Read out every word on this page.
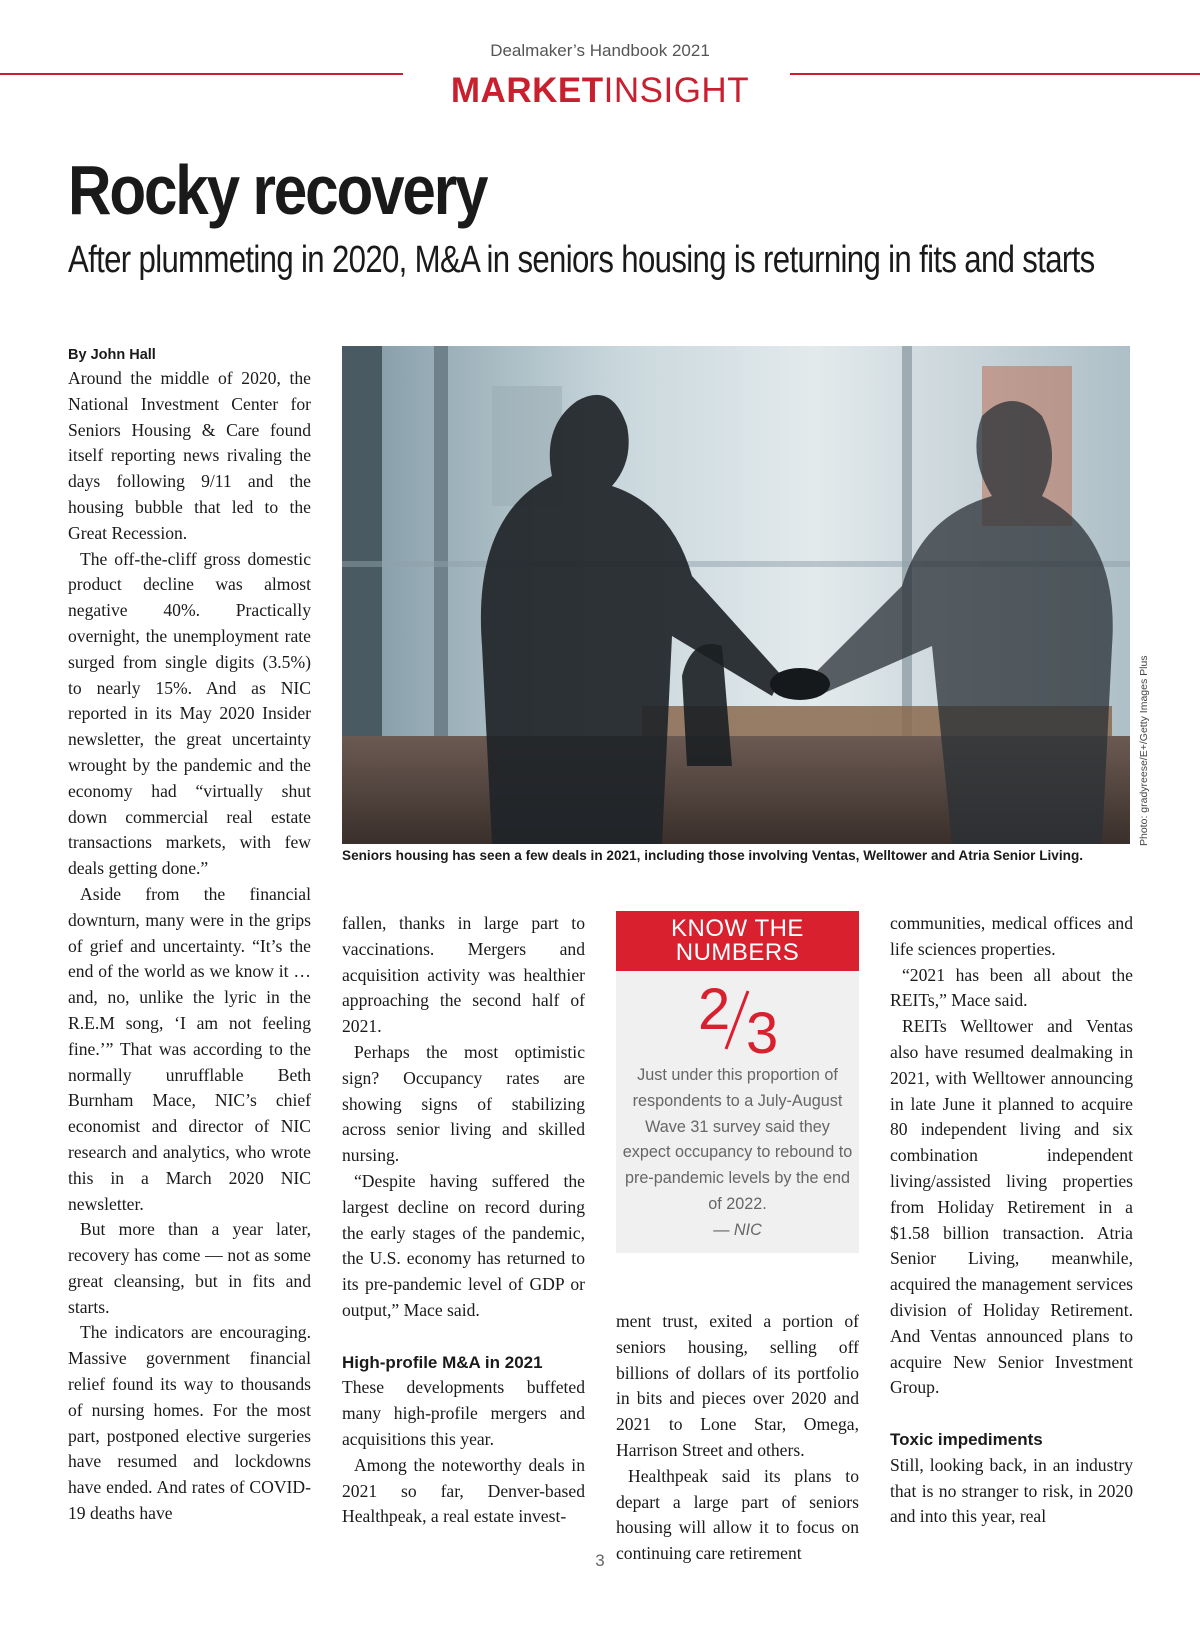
Dealmaker’s Handbook 2021
MARKETINSIGHT
Rocky recovery
After plummeting in 2020, M&A in seniors housing is returning in fits and starts
Photo: gradyreese/E+/Getty Images Plus
Seniors housing has seen a few deals in 2021, including those involving Ventas, Welltower and Atria Senior Living.
By John Hall

Around the middle of 2020, the National Investment Center for Seniors Housing & Care found itself reporting news rivaling the days following 9/11 and the housing bubble that led to the Great Recession.

The off-the-cliff gross domestic product decline was almost negative 40%. Practically overnight, the unemployment rate surged from single digits (3.5%) to nearly 15%. And as NIC reported in its May 2020 Insider newsletter, the great uncertainty wrought by the pandemic and the economy had “virtually shut down commercial real estate transactions markets, with few deals getting done.”

Aside from the financial downturn, many were in the grips of grief and uncertainty. “It’s the end of the world as we know it … and, no, unlike the lyric in the R.E.M song, ‘I am not feeling fine.’” That was according to the normally unrufflable Beth Burnham Mace, NIC’s chief economist and director of NIC research and analytics, who wrote this in a March 2020 NIC newsletter.

But more than a year later, recovery has come — not as some great cleansing, but in fits and starts.

The indicators are encouraging. Massive government financial relief found its way to thousands of nursing homes. For the most part, postponed elective surgeries have resumed and lockdowns have ended. And rates of COVID-19 deaths have

fallen, thanks in large part to vaccinations. Mergers and acquisition activity was healthier approaching the second half of 2021.

Perhaps the most optimistic sign? Occupancy rates are showing signs of stabilizing across senior living and skilled nursing.

“Despite having suffered the largest decline on record during the early stages of the pandemic, the U.S. economy has returned to its pre-pandemic level of GDP or output,” Mace said.

High-profile M&A in 2021

These developments buffeted many high-profile mergers and acquisitions this year.

Among the noteworthy deals in 2021 so far, Denver-based Healthpeak, a real estate invest-

KNOW THE
NUMBERS
2 3
Just under this proportion of respondents to a July-August Wave 31 survey said they expect occupancy to rebound to pre-pandemic levels by the end of 2022.
— NIC

ment trust, exited a portion of seniors housing, selling off billions of dollars of its portfolio in bits and pieces over 2020 and 2021 to Lone Star, Omega, Harrison Street and others.

Healthpeak said its plans to depart a large part of seniors housing will allow it to focus on continuing care retirement

communities, medical offices and life sciences properties.

“2021 has been all about the REITs,” Mace said.

REITs Welltower and Ventas also have resumed dealmaking in 2021, with Welltower announcing in late June it planned to acquire 80 independent living and six combination independent living/assisted living properties from Holiday Retirement in a $1.58 billion transaction. Atria Senior Living, meanwhile, acquired the management services division of Holiday Retirement. And Ventas announced plans to acquire New Senior Investment Group.

Toxic impediments

Still, looking back, in an industry that is no stranger to risk, in 2020 and into this year, real

3
